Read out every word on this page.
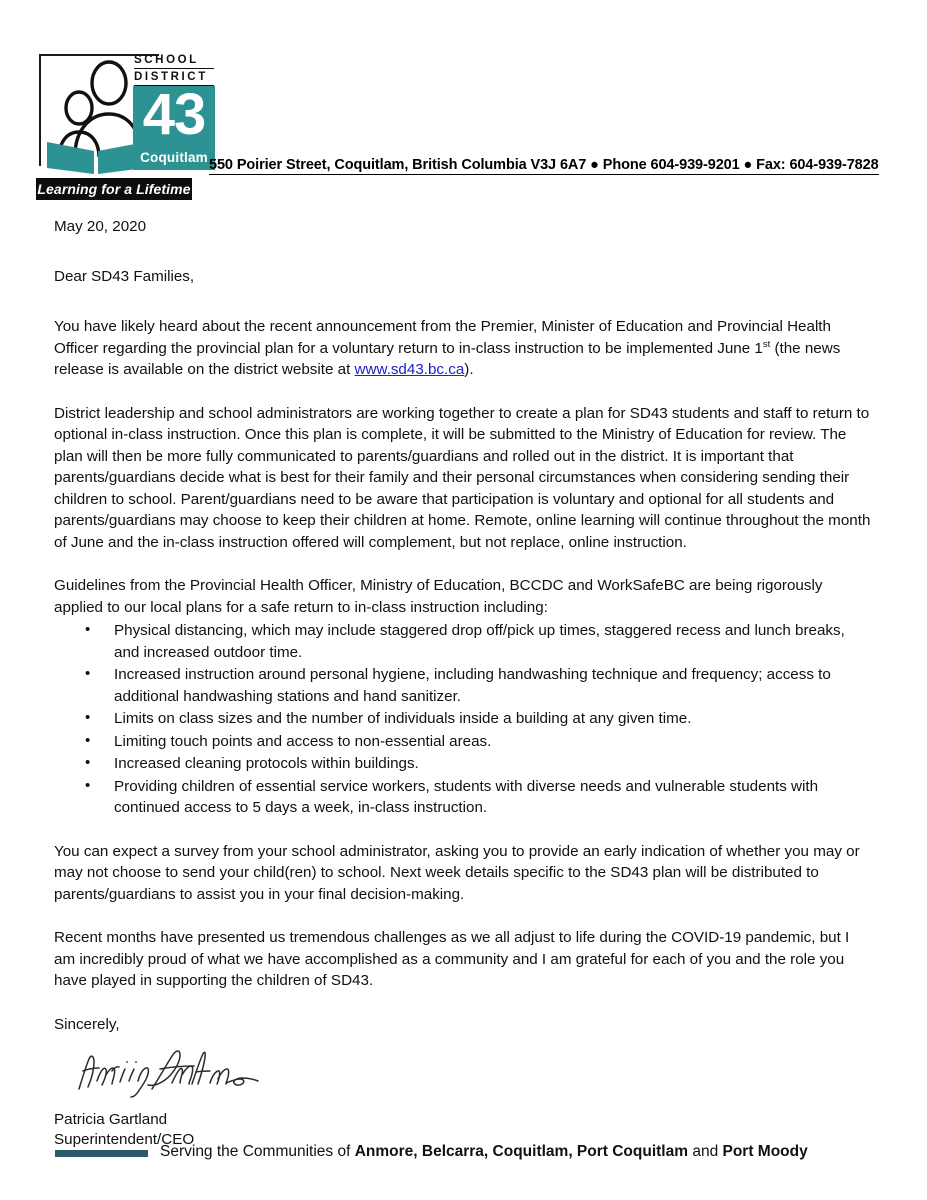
SCHOOL
DISTRICT
43
Coquitlam
Learning for a Lifetime
550 Poirier Street, Coquitlam, British Columbia V3J 6A7 ● Phone 604-939-9201 ● Fax: 604-939-7828

May 20, 2020

Dear SD43 Families,

You have likely heard about the recent announcement from the Premier, Minister of Education and Provincial Health Officer regarding the provincial plan for a voluntary return to in-class instruction to be implemented June 1st (the news release is available on the district website at www.sd43.bc.ca).

District leadership and school administrators are working together to create a plan for SD43 students and staff to return to optional in-class instruction. Once this plan is complete, it will be submitted to the Ministry of Education for review. The plan will then be more fully communicated to parents/guardians and rolled out in the district. It is important that parents/guardians decide what is best for their family and their personal circumstances when considering sending their children to school. Parent/guardians need to be aware that participation is voluntary and optional for all students and parents/guardians may choose to keep their children at home. Remote, online learning will continue throughout the month of June and the in-class instruction offered will complement, but not replace, online instruction.

Guidelines from the Provincial Health Officer, Ministry of Education, BCCDC and WorkSafeBC are being rigorously applied to our local plans for a safe return to in-class instruction including:

• Physical distancing, which may include staggered drop off/pick up times, staggered recess and lunch breaks, and increased outdoor time.
• Increased instruction around personal hygiene, including handwashing technique and frequency; access to additional handwashing stations and hand sanitizer.
• Limits on class sizes and the number of individuals inside a building at any given time.
• Limiting touch points and access to non-essential areas.
• Increased cleaning protocols within buildings.
• Providing children of essential service workers, students with diverse needs and vulnerable students with continued access to 5 days a week, in-class instruction.

You can expect a survey from your school administrator, asking you to provide an early indication of whether you may or may not choose to send your child(ren) to school. Next week details specific to the SD43 plan will be distributed to parents/guardians to assist you in your final decision-making.

Recent months have presented us tremendous challenges as we all adjust to life during the COVID-19 pandemic, but I am incredibly proud of what we have accomplished as a community and I am grateful for each of you and the role you have played in supporting the children of SD43.

Sincerely,

Patricia Gartland

Superintendent/CEO

Serving the Communities of Anmore, Belcarra, Coquitlam, Port Coquitlam and Port Moody
